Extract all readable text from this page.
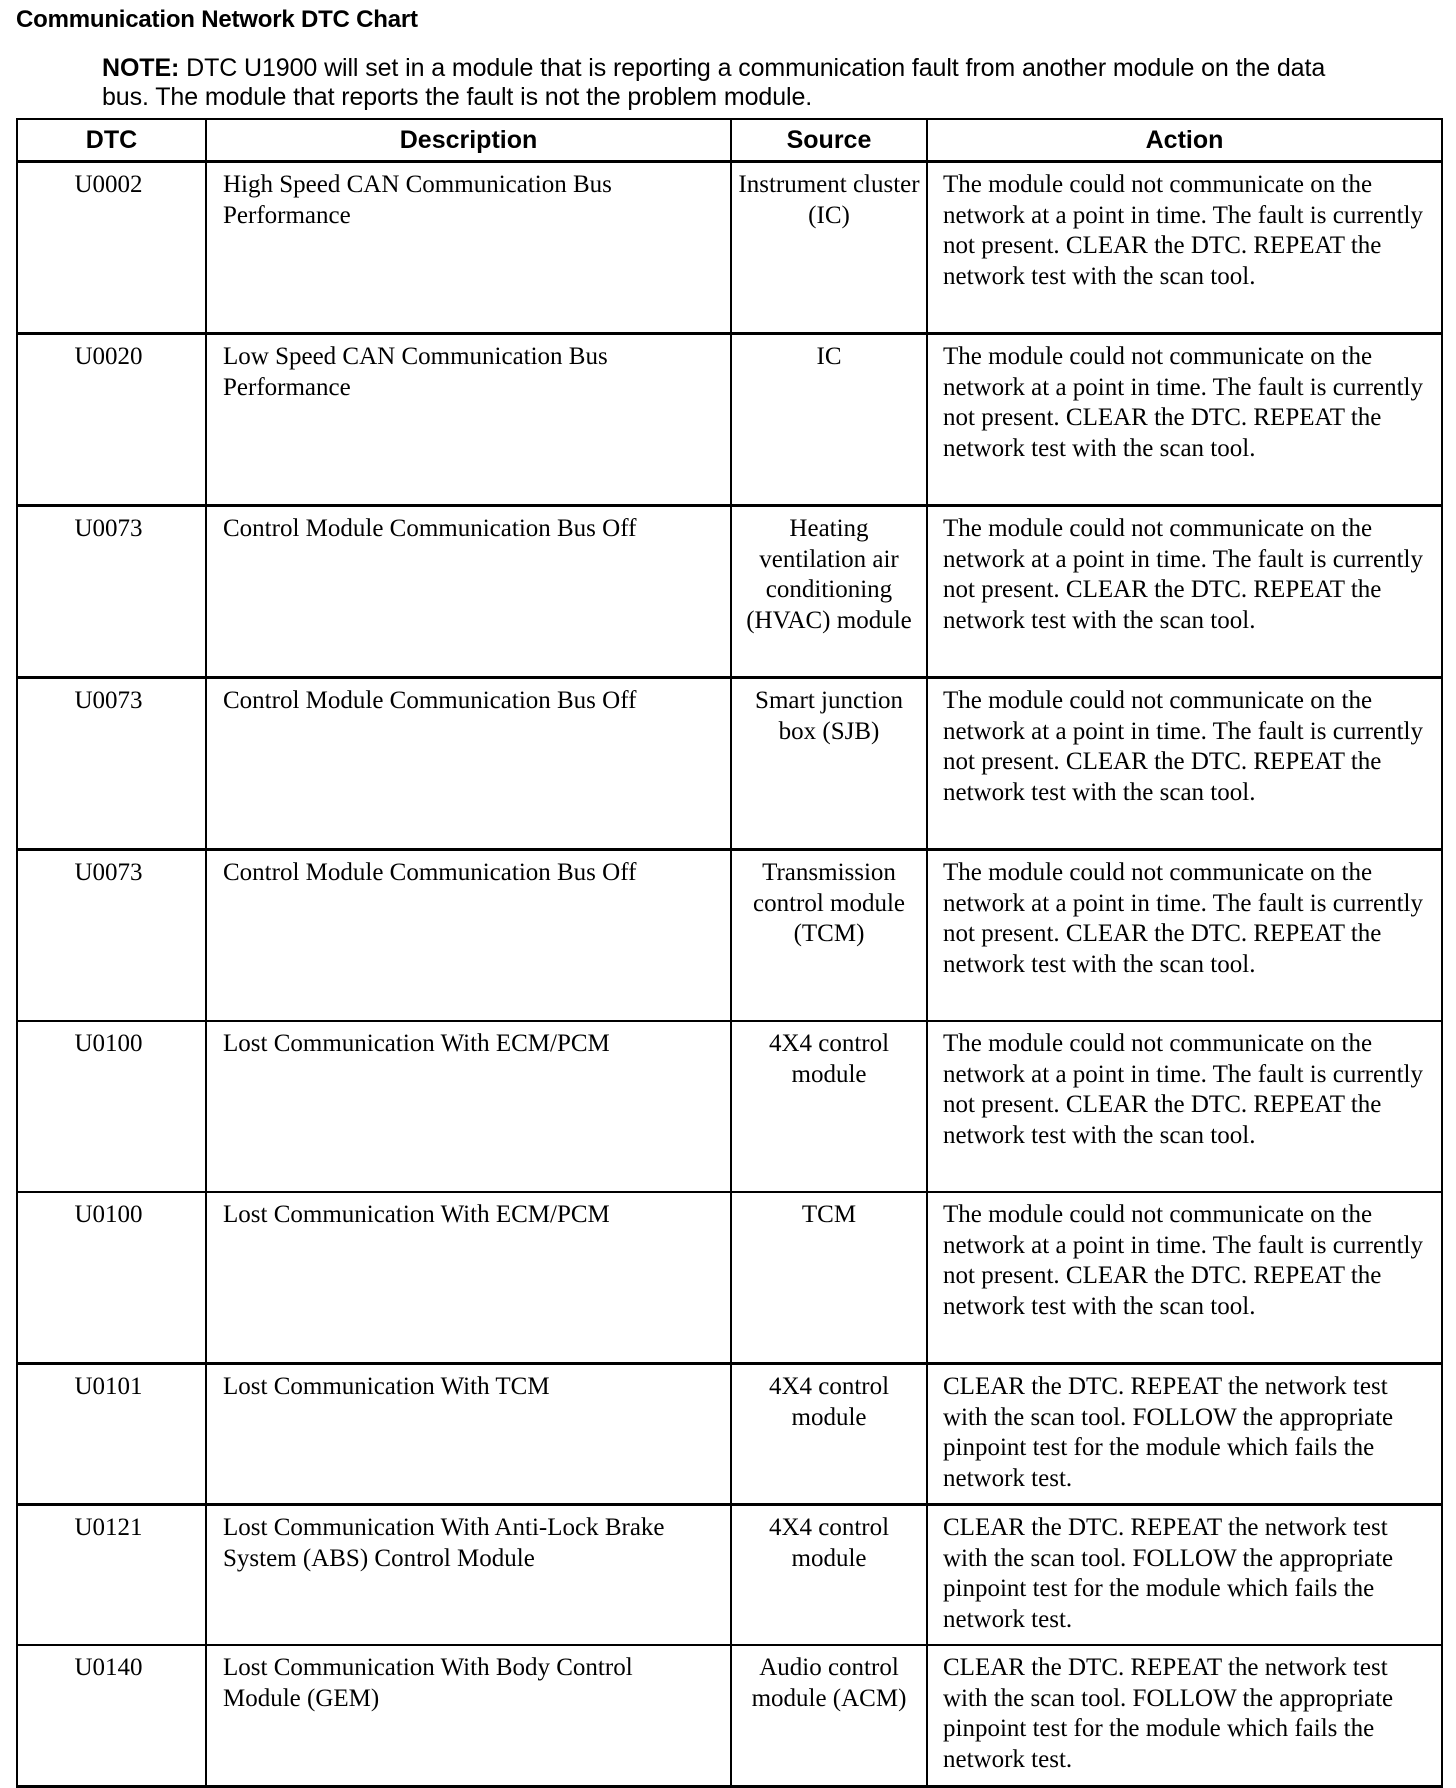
Communication Network DTC Chart
NOTE: DTC U1900 will set in a module that is reporting a communication fault from another module on the data bus. The module that reports the fault is not the problem module.
DTC	Description	Source	Action
U0002	High Speed CAN Communication Bus Performance	Instrument cluster (IC)	The module could not communicate on the network at a point in time. The fault is currently not present. CLEAR the DTC. REPEAT the network test with the scan tool.
U0020	Low Speed CAN Communication Bus Performance	IC	The module could not communicate on the network at a point in time. The fault is currently not present. CLEAR the DTC. REPEAT the network test with the scan tool.
U0073	Control Module Communication Bus Off	Heating ventilation air conditioning (HVAC) module	The module could not communicate on the network at a point in time. The fault is currently not present. CLEAR the DTC. REPEAT the network test with the scan tool.
U0073	Control Module Communication Bus Off	Smart junction box (SJB)	The module could not communicate on the network at a point in time. The fault is currently not present. CLEAR the DTC. REPEAT the network test with the scan tool.
U0073	Control Module Communication Bus Off	Transmission control module (TCM)	The module could not communicate on the network at a point in time. The fault is currently not present. CLEAR the DTC. REPEAT the network test with the scan tool.
U0100	Lost Communication With ECM/PCM	4X4 control module	The module could not communicate on the network at a point in time. The fault is currently not present. CLEAR the DTC. REPEAT the network test with the scan tool.
U0100	Lost Communication With ECM/PCM	TCM	The module could not communicate on the network at a point in time. The fault is currently not present. CLEAR the DTC. REPEAT the network test with the scan tool.
U0101	Lost Communication With TCM	4X4 control module	CLEAR the DTC. REPEAT the network test with the scan tool. FOLLOW the appropriate pinpoint test for the module which fails the network test.
U0121	Lost Communication With Anti-Lock Brake System (ABS) Control Module	4X4 control module	CLEAR the DTC. REPEAT the network test with the scan tool. FOLLOW the appropriate pinpoint test for the module which fails the network test.
U0140	Lost Communication With Body Control Module (GEM)	Audio control module (ACM)	CLEAR the DTC. REPEAT the network test with the scan tool. FOLLOW the appropriate pinpoint test for the module which fails the network test.
